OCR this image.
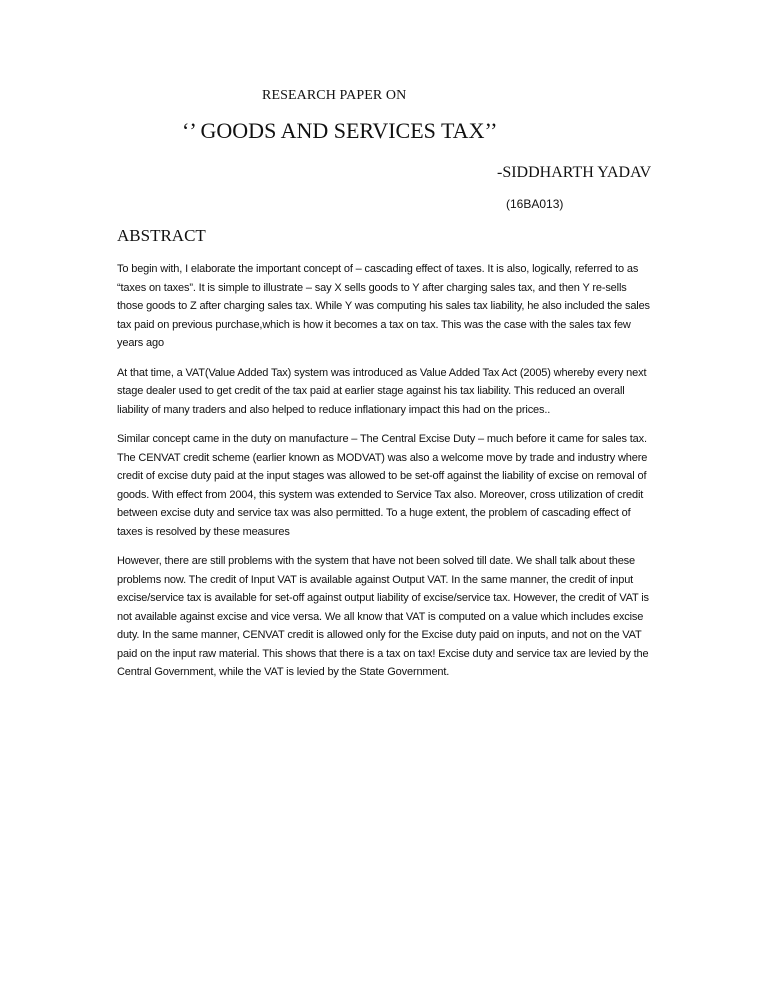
RESEARCH PAPER ON
‘’ GOODS AND SERVICES TAX’’
-SIDDHARTH YADAV
(16BA013)
ABSTRACT

To begin with, I elaborate the important concept of – cascading effect of taxes. It is also, logically, referred to as “taxes on taxes”. It is simple to illustrate – say X sells goods to Y after charging sales tax, and then Y re-sells those goods to Z after charging sales tax. While Y was computing his sales tax liability, he also included the sales tax paid on previous purchase,which is how it becomes a tax on tax. This was the case with the sales tax few years ago

At that time, a VAT(Value Added Tax) system was introduced as Value Added Tax Act (2005) whereby every next stage dealer used to get credit of the tax paid at earlier stage against his tax liability. This reduced an overall liability of many traders and also helped to reduce inflationary impact this had on the prices..

Similar concept came in the duty on manufacture – The Central Excise Duty – much before it came for sales tax. The CENVAT credit scheme (earlier known as MODVAT) was also a welcome move by trade and industry where credit of excise duty paid at the input stages was allowed to be set-off against the liability of excise on removal of goods. With effect from 2004, this system was extended to Service Tax also. Moreover, cross utilization of credit between excise duty and service tax was also permitted. To a huge extent, the problem of cascading effect of taxes is resolved by these measures

However, there are still problems with the system that have not been solved till date. We shall talk about these problems now. The credit of Input VAT is available against Output VAT. In the same manner, the credit of input excise/service tax is available for set-off against output liability of excise/service tax. However, the credit of VAT is not available against excise and vice versa. We all know that VAT is computed on a value which includes excise duty. In the same manner, CENVAT credit is allowed only for the Excise duty paid on inputs, and not on the VAT paid on the input raw material. This shows that there is a tax on tax! Excise duty and service tax are levied by the Central Government, while the VAT is levied by the State Government.
